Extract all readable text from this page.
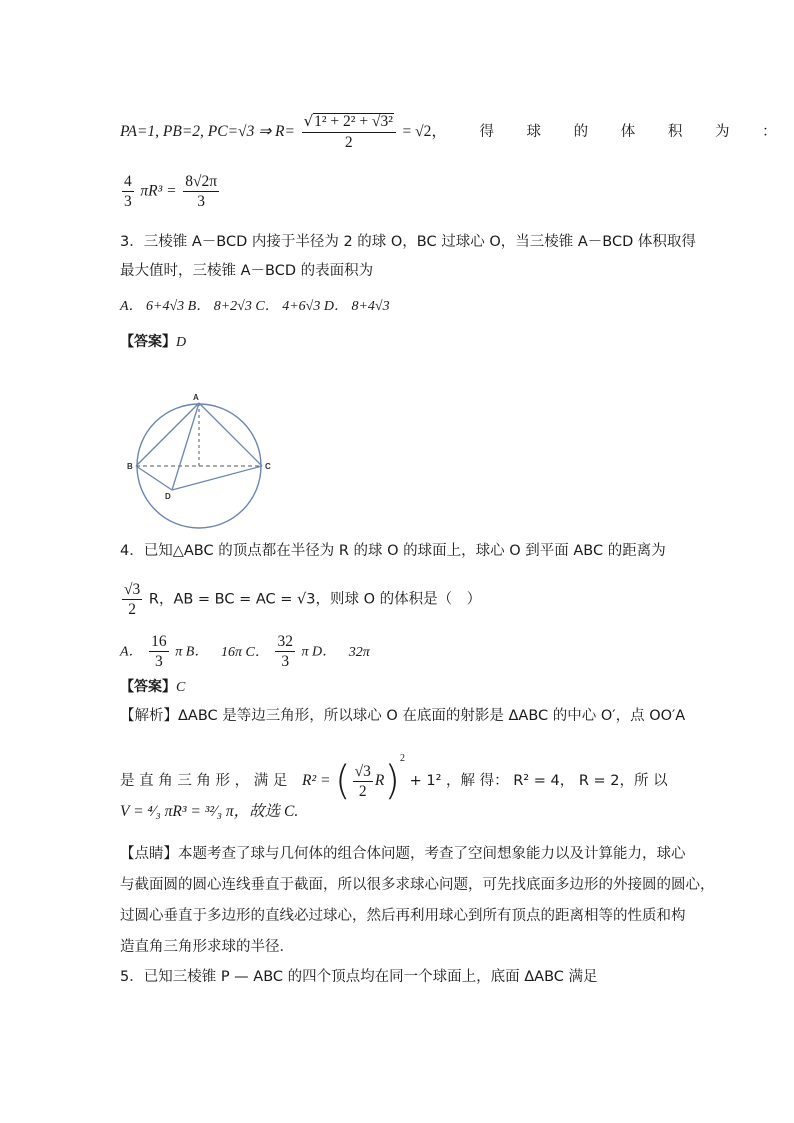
PA=1, PB=2, PC=√3 ⇒ $R= \frac{\text{√1² + 2² + √3²}}{2} = √2$， 得 球 的 体 积 为 ：
$\frac{4}{3} \pi R^3 = \frac{8√2\pi}{3}$
3．三棱锥 A－BCD 内接于半径为 2 的球 O，BC 过球心 O，当三棱锥 A－BCD 体积取得
最大值时，三棱锥 A－BCD 的表面积为
A． 6+4√3 B． 8+2√3 C． 4+6√3 D． 8+4√3
【答案】D
A
B	C
D
4．已知△ABC 的顶点都在半径为 R 的球 O 的球面上，球心 O 到平面 ABC 的距离为
$\frac{√3}{2}$ R，AB = BC = AC = √3，则球 O 的体积是（　）
A． $\frac{16}{3}$ π B． 16π C． $\frac{32}{3}$ π D． 32π
【答案】C
【解析】ΔABC 是等边三角形，所以球心 O 在底面的射影是 ΔABC 的中心 O′，点 OO′A
是 直 角 三 角 形 ， 满 足 R² = ( $\frac{√3}{2} R)^2 + 1^2$ ，解 得： R² = 4， R = 2，所 以
V = ⁴⁄₃ πR³ = ³²⁄₃ π，故选 C.
【点睛】本题考查了球与几何体的组合体问题，考查了空间想象能力以及计算能力，球心
与截面圆的圆心连线垂直于截面，所以很多求球心问题，可先找底面多边形的外接圆的圆心，
过圆心垂直于多边形的直线必过球心，然后再利用球心到所有顶点的距离相等的性质和构
造直角三角形求球的半径．
5．已知三棱锥 P — ABC 的四个顶点均在同一个球面上，底面 ΔABC 满足
